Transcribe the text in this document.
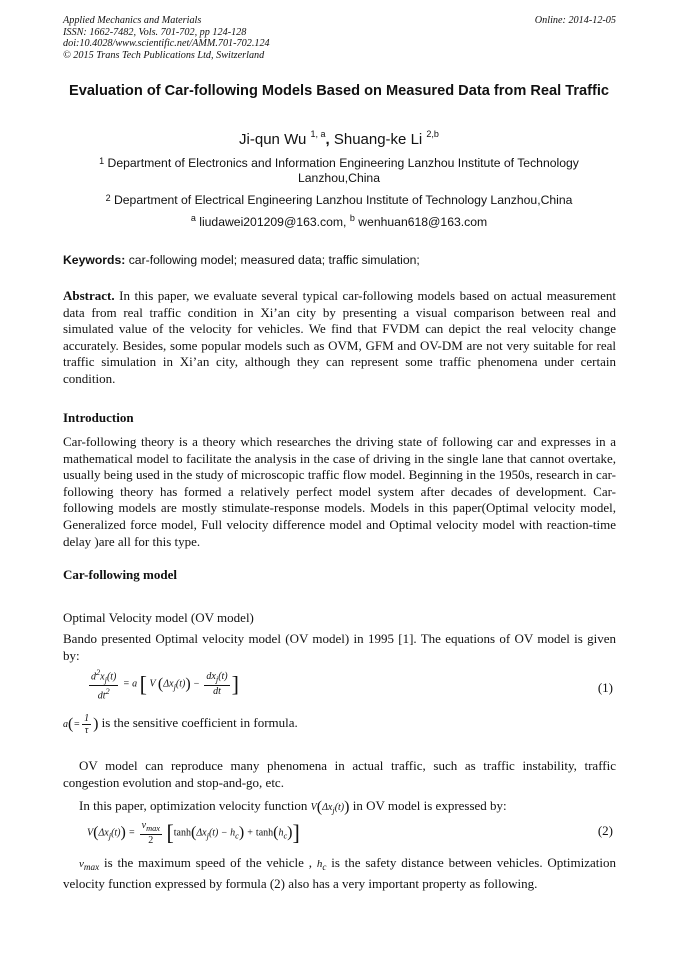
Applied Mechanics and Materials
ISSN: 1662-7482, Vols. 701-702, pp 124-128
doi:10.4028/www.scientific.net/AMM.701-702.124
© 2015 Trans Tech Publications Ltd, Switzerland
Online: 2014-12-05
Evaluation of Car-following Models Based on Measured Data from Real Traffic
Ji-qun Wu $^{1, a}$, Shuang-ke Li $^{2,b}$
$^1$ Department of Electronics and Information Engineering Lanzhou Institute of Technology Lanzhou,China
$^2$ Department of Electrical Engineering Lanzhou Institute of Technology Lanzhou,China
$^a$ liudawei201209@163.com, $^b$ wenhuan618@163.com
Keywords: car-following model; measured data; traffic simulation;
Abstract. In this paper, we evaluate several typical car-following models based on actual measurement data from real traffic condition in Xi’an city by presenting a visual comparison between real and simulated value of the velocity for vehicles. We find that FVDM can depict the real velocity change accurately. Besides, some popular models such as OVM, GFM and OV-DM are not very suitable for real traffic simulation in Xi’an city, although they can represent some traffic phenomena under certain condition.
Introduction
Car-following theory is a theory which researches the driving state of following car and expresses in a mathematical model to facilitate the analysis in the case of driving in the single lane that cannot overtake, usually being used in the study of microscopic traffic flow model. Beginning in the 1950s, research in car-following theory has formed a relatively perfect model system after decades of development. Car-following models are mostly stimulate-response models. Models in this paper(Optimal velocity model, Generalized force model, Full velocity difference model and Optimal velocity model with reaction-time delay )are all for this type.
Car-following model
Optimal Velocity model (OV model)
Bando presented Optimal velocity model (OV model) in 1995 [1]. The equations of OV model is given by:
$\frac{d^2x_j(t)}{dt^2} = a$ [ V $(\Delta x_j(t)) - \frac{dx_j(t)}{dt}$ ]	(1)
$a(= \frac{1}{\tau}$ ) is the sensitive coefficient in formula.
OV model can reproduce many phenomena in actual traffic, such as traffic instability, traffic congestion evolution and stop-and-go, etc.
In this paper, optimization velocity function $V(\Delta x_j(t))$ in OV model is expressed by:
$V(\Delta x_j(t)) = \frac{v_{max}}{2} [\tanh(\Delta x_j(t) - h_c) + \tanh(h_c)]$	(2)
$v_{max}$ is the maximum speed of the vehicle , $h_c$ is the safety distance between vehicles. Optimization velocity function expressed by formula (2) also has a very important property as following.
